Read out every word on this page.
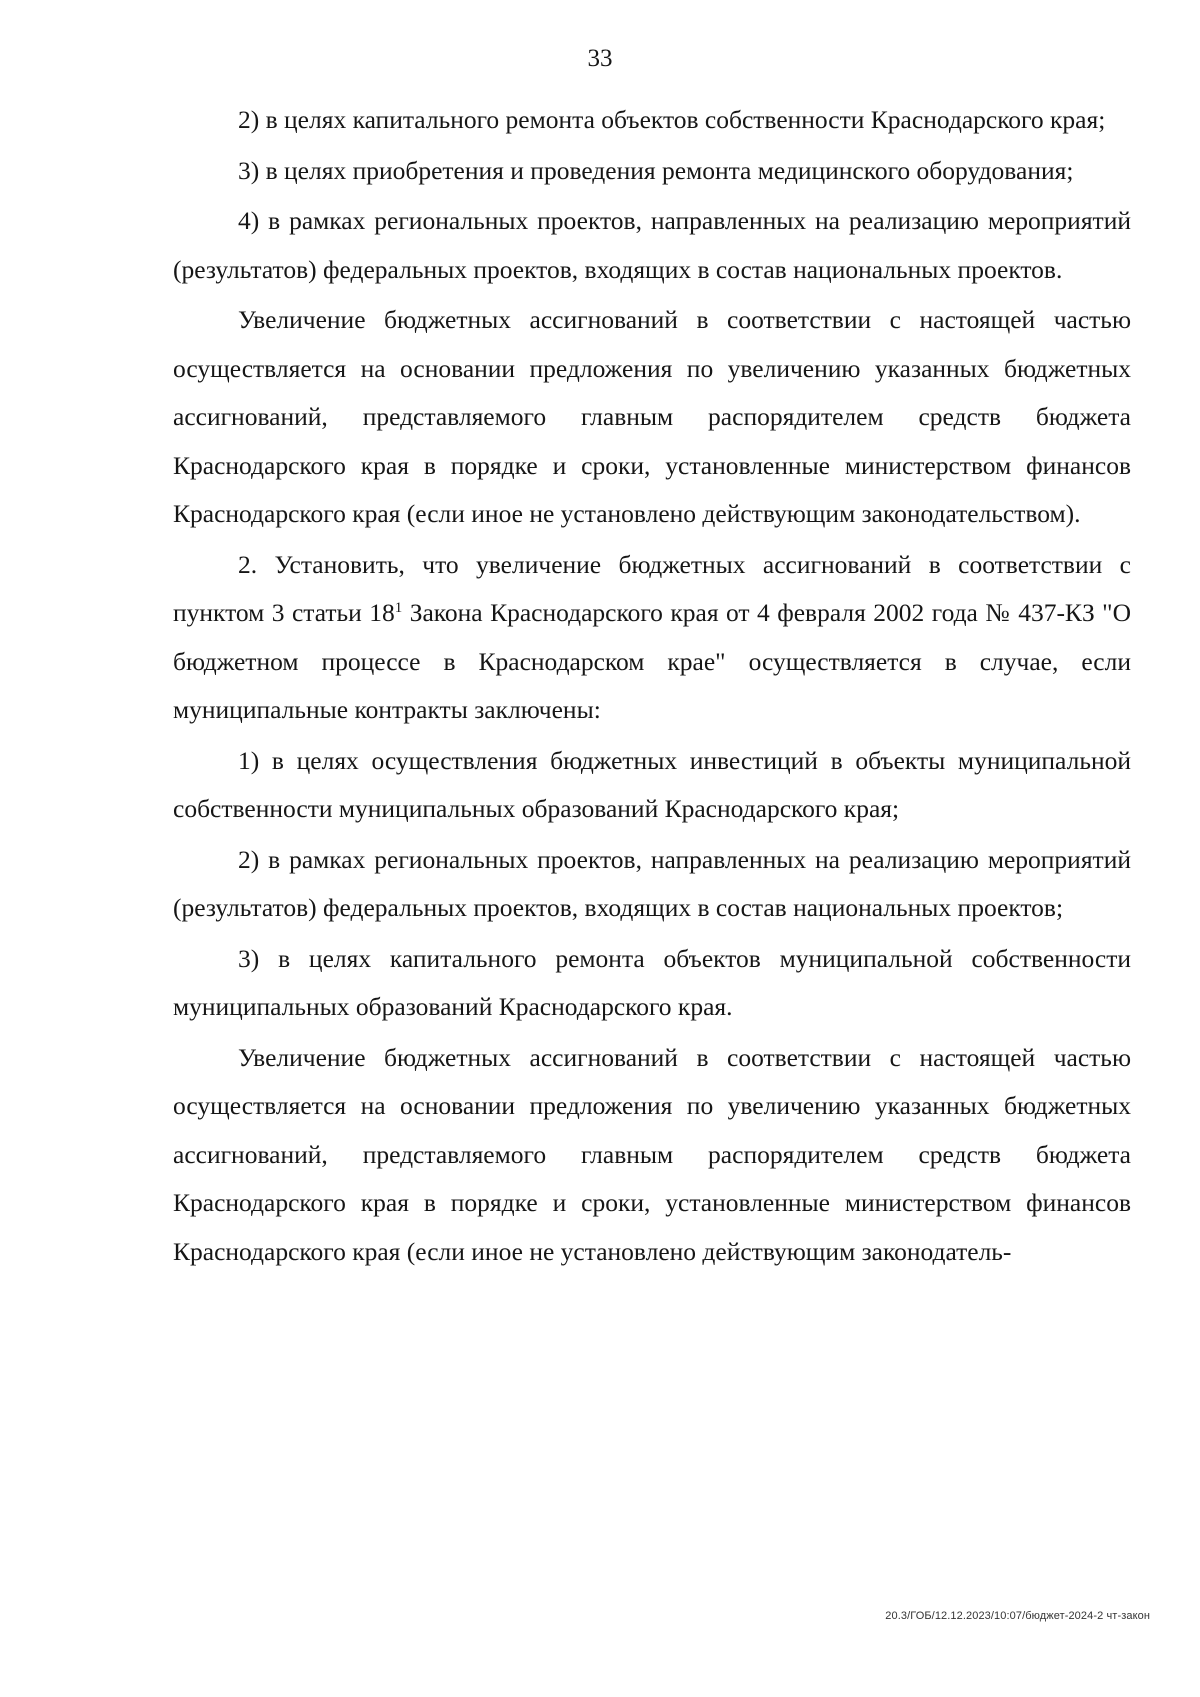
33

2) в целях капитального ремонта объектов собственности Краснодарского края;

3) в целях приобретения и проведения ремонта медицинского оборудования;

4) в рамках региональных проектов, направленных на реализацию мероприятий (результатов) федеральных проектов, входящих в состав национальных проектов.

Увеличение бюджетных ассигнований в соответствии с настоящей частью осуществляется на основании предложения по увеличению указанных бюджетных ассигнований, представляемого главным распорядителем средств бюджета Краснодарского края в порядке и сроки, установленные министерством финансов Краснодарского края (если иное не установлено действующим законодательством).

2. Установить, что увеличение бюджетных ассигнований в соответствии с пунктом 3 статьи $18^1$ Закона Краснодарского края от 4 февраля 2002 года № 437-КЗ "О бюджетном процессе в Краснодарском крае" осуществляется в случае, если муниципальные контракты заключены:

1) в целях осуществления бюджетных инвестиций в объекты муниципальной собственности муниципальных образований Краснодарского края;

2) в рамках региональных проектов, направленных на реализацию мероприятий (результатов) федеральных проектов, входящих в состав национальных проектов;

3) в целях капитального ремонта объектов муниципальной собственности муниципальных образований Краснодарского края.

Увеличение бюджетных ассигнований в соответствии с настоящей частью осуществляется на основании предложения по увеличению указанных бюджетных ассигнований, представляемого главным распорядителем средств бюджета Краснодарского края в порядке и сроки, установленные министерством финансов Краснодарского края (если иное не установлено действующим законодатель-

20.3/ГОБ/12.12.2023/10:07/бюджет-2024-2 чт-закон
